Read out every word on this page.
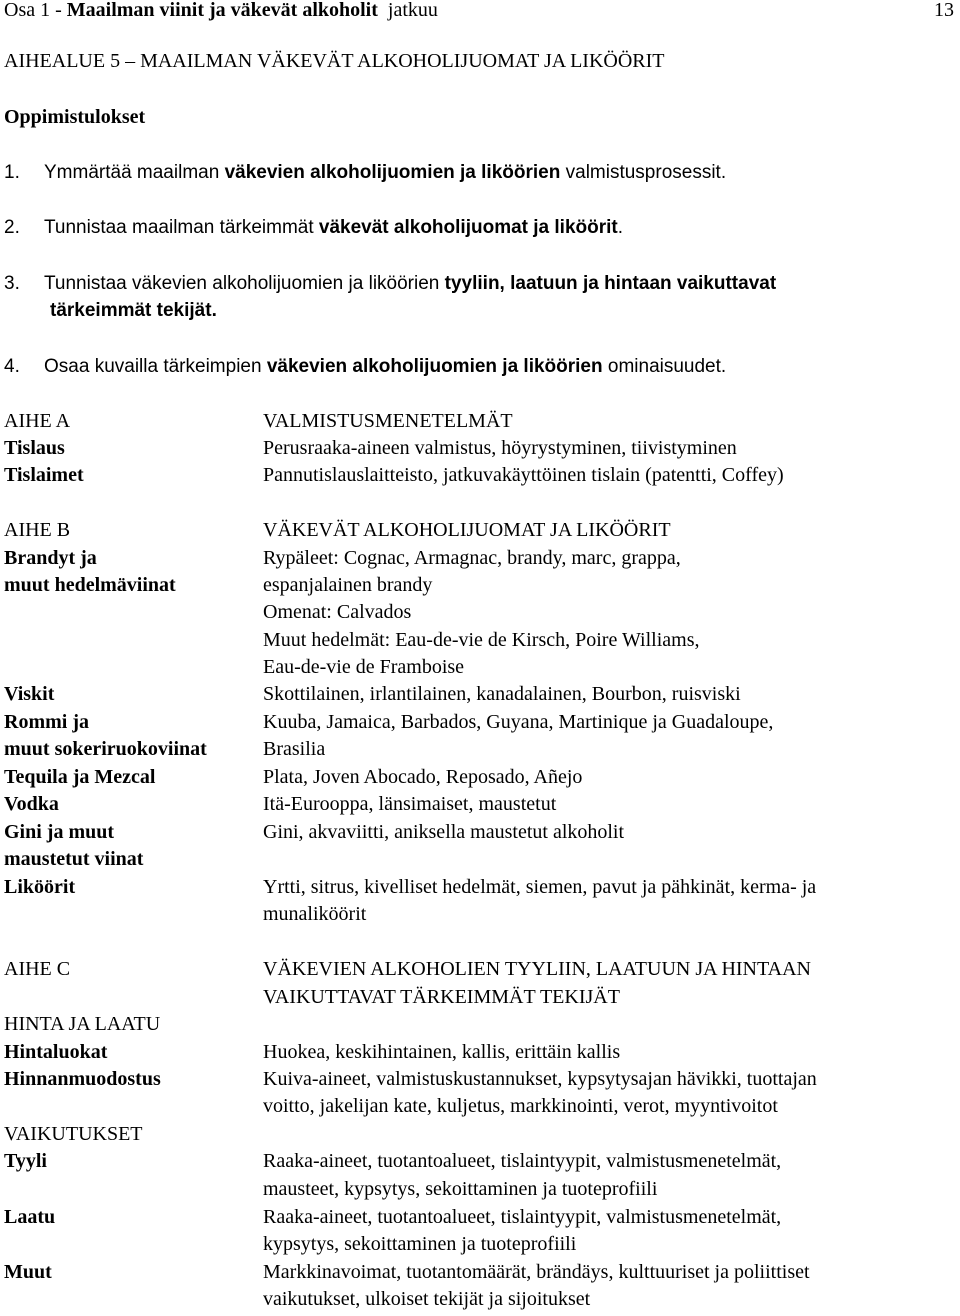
Osa 1 - Maailman viinit ja väkevät alkoholit  jatkuu	13
AIHEALUE 5 – MAAILMAN VÄKEVÄT ALKOHOLIJUOMAT JA LIKÖÖRIT
Oppimistulokset
1. Ymmärtää maailman väkevien alkoholijuomien ja liköörien valmistusprosessit.
2. Tunnistaa maailman tärkeimmät väkevät alkoholijuomat ja liköörit.
3. Tunnistaa väkevien alkoholijuomien ja liköörien tyyliin, laatuun ja hintaan vaikuttavat
tärkeimmät tekijät.
4. Osaa kuvailla tärkeimpien väkevien alkoholijuomien ja liköörien ominaisuudet.
AIHE A	VALMISTUSMENETELMÄT
Tislaus	Perusraaka-aineen valmistus, höyrystyminen, tiivistyminen
Tislaimet	Pannutislauslaitteisto, jatkuvakäyttöinen tislain (patentti, Coffey)
AIHE B	VÄKEVÄT ALKOHOLIJUOMAT JA LIKÖÖRIT
Brandyt ja	Rypäleet: Cognac, Armagnac, brandy, marc, grappa,
muut hedelmäviinat	espanjalainen brandy
Omenat: Calvados
Muut hedelmät: Eau-de-vie de Kirsch, Poire Williams,
Eau-de-vie de Framboise
Viskit	Skottilainen, irlantilainen, kanadalainen, Bourbon, ruisviski
Rommi ja	Kuuba, Jamaica, Barbados, Guyana, Martinique ja Guadaloupe,
muut sokeriruokoviinat	Brasilia
Tequila ja Mezcal	Plata, Joven Abocado, Reposado, Añejo
Vodka	Itä-Eurooppa, länsimaiset, maustetut
Gini ja muut	Gini, akvaviitti, aniksella maustetut alkoholit
maustetut viinat
Liköörit	Yrtti, sitrus, kivelliset hedelmät, siemen, pavut ja pähkinät, kerma- ja
munaliköörit
AIHE C	VÄKEVIEN ALKOHOLIEN TYYLIIN, LAATUUN JA HINTAAN
VAIKUTTAVAT TÄRKEIMMÄT TEKIJÄT
HINTA JA LAATU
Hintaluokat	Huokea, keskihintainen, kallis, erittäin kallis
Hinnanmuodostus	Kuiva-aineet, valmistuskustannukset, kypsytysajan hävikki, tuottajan
voitto, jakelijan kate, kuljetus, markkinointi, verot, myyntivoitot
VAIKUTUKSET
Tyyli	Raaka-aineet, tuotantoalueet, tislaintyypit, valmistusmenetelmät,
mausteet, kypsytys, sekoittaminen ja tuoteprofiili
Laatu	Raaka-aineet, tuotantoalueet, tislaintyypit, valmistusmenetelmät,
kypsytys, sekoittaminen ja tuoteprofiili
Muut	Markkinavoimat, tuotantomäärät, brändäys, kulttuuriset ja poliittiset
vaikutukset, ulkoiset tekijät ja sijoitukset
